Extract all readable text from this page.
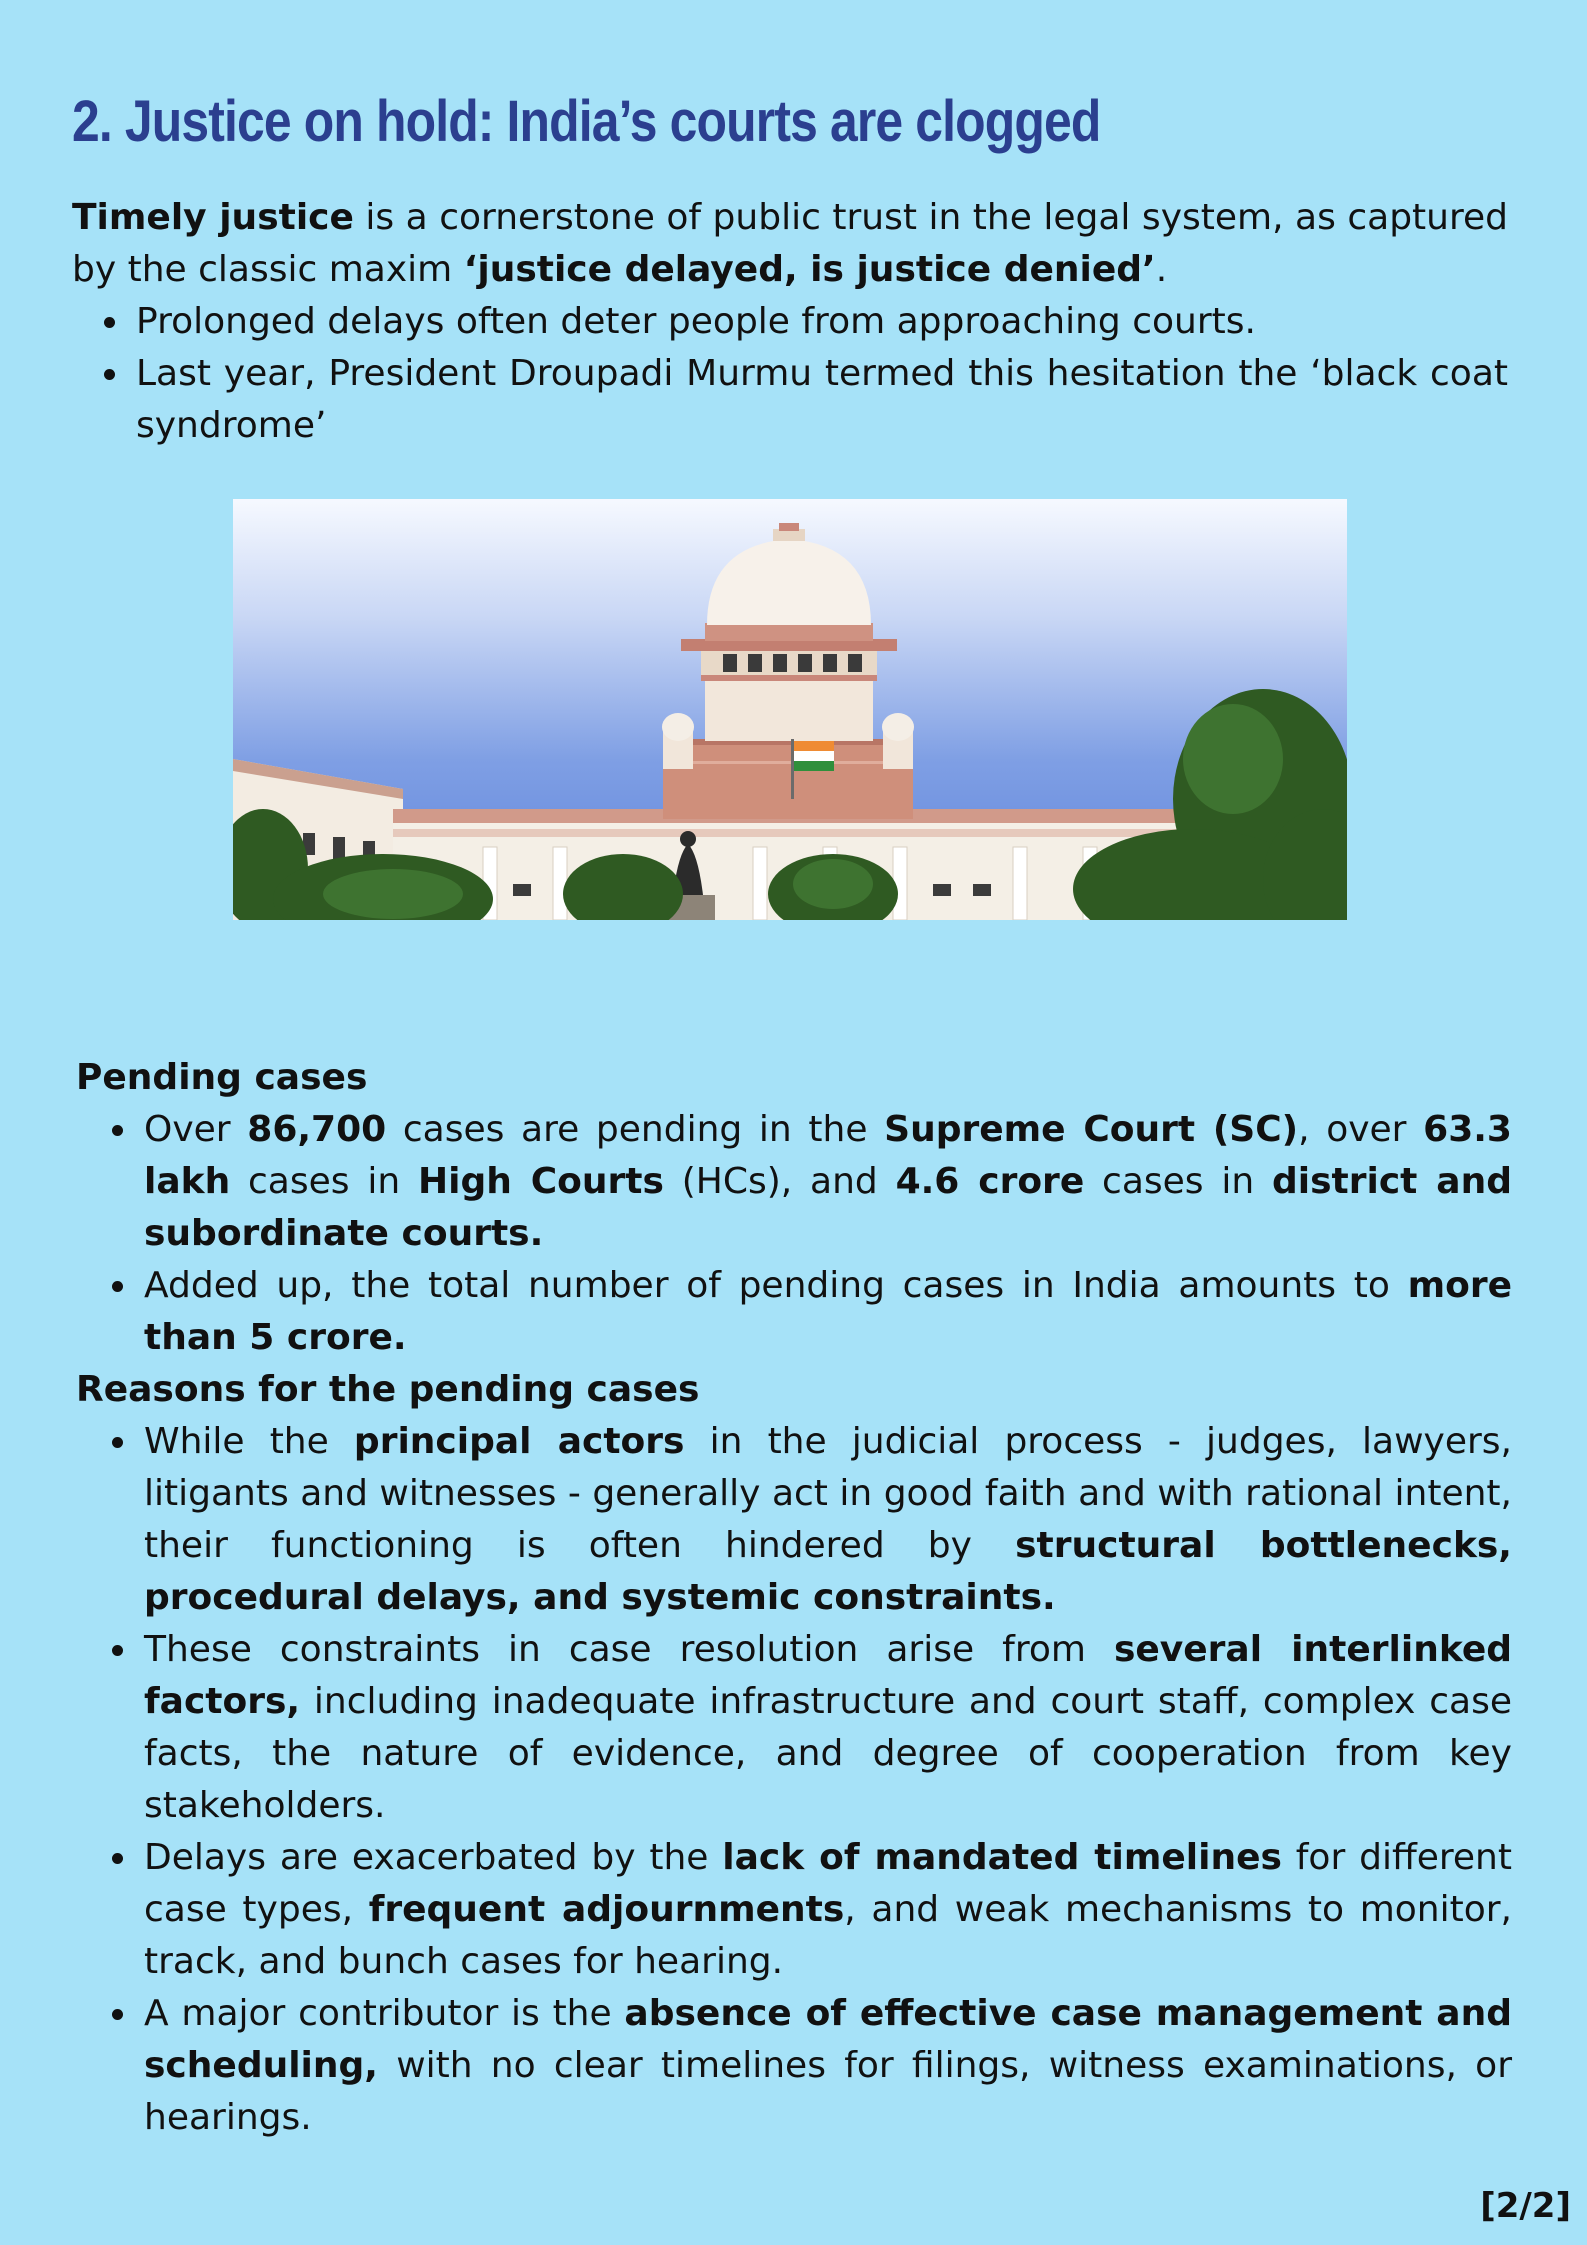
2. Justice on hold: India’s courts are clogged

Timely justice is a cornerstone of public trust in the legal system, as captured by the classic maxim ‘justice delayed, is justice denied’.

Prolonged delays often deter people from approaching courts.
Last year, President Droupadi Murmu termed this hesitation the ‘black coat syndrome’
Pending cases
Over 86,700 cases are pending in the Supreme Court (SC), over 63.3 lakh cases in High Courts (HCs), and 4.6 crore cases in district and subordinate courts.
Added up, the total number of pending cases in India amounts to more than 5 crore.
Reasons for the pending cases
While the principal actors in the judicial process - judges, lawyers, litigants and witnesses - generally act in good faith and with rational intent, their functioning is often hindered by structural bottlenecks, procedural delays, and systemic constraints.
These constraints in case resolution arise from several interlinked factors, including inadequate infrastructure and court staff, complex case facts, the nature of evidence, and degree of cooperation from key stakeholders.
Delays are exacerbated by the lack of mandated timelines for different case types, frequent adjournments, and weak mechanisms to monitor, track, and bunch cases for hearing.
A major contributor is the absence of effective case management and scheduling, with no clear timelines for filings, witness examinations, or hearings.
[2/2]
